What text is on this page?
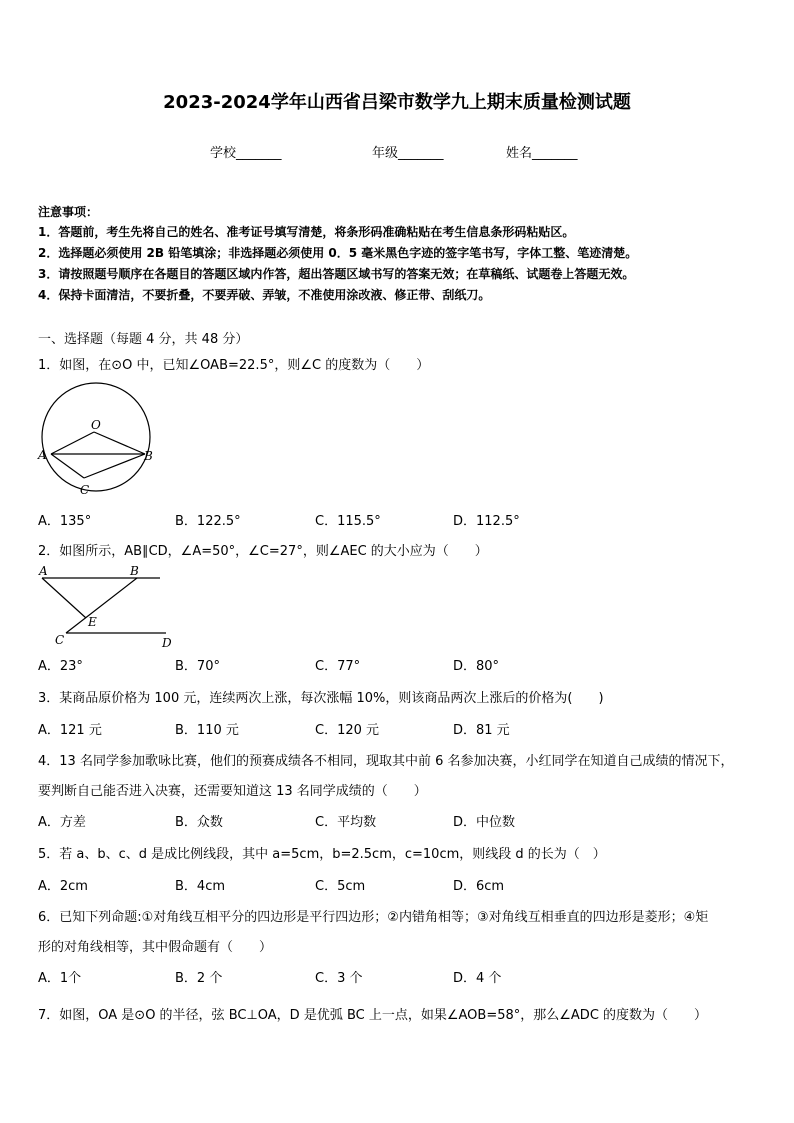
2023-2024学年山西省吕梁市数学九上期末质量检测试题
学校_______	年级_______	姓名_______
注意事项：
1．答题前，考生先将自己的姓名、准考证号填写清楚，将条形码准确粘贴在考生信息条形码粘贴区。
2．选择题必须使用 2B 铅笔填涂；非选择题必须使用 0．5 毫米黑色字迹的签字笔书写，字体工整、笔迹清楚。
3．请按照题号顺序在各题目的答题区域内作答，超出答题区域书写的答案无效；在草稿纸、试题卷上答题无效。
4．保持卡面清洁，不要折叠，不要弄破、弄皱，不准使用涂改液、修正带、刮纸刀。
一、选择题（每题 4 分，共 48 分）
1．如图，在⊙O 中，已知∠OAB=22.5°，则∠C 的度数为（　　）
O
A	B
C
A．135°	B．122.5°	C．115.5°	D．112.5°
2．如图所示，AB∥CD，∠A=50°，∠C=27°，则∠AEC 的大小应为（　　）
A	B
E
C	D
A．23°	B．70°	C．77°	D．80°
3．某商品原价格为 100 元，连续两次上涨，每次涨幅 10%，则该商品两次上涨后的价格为(　　)
A．121 元	B．110 元	C．120 元	D．81 元
4．13 名同学参加歌咏比赛，他们的预赛成绩各不相同，现取其中前 6 名参加决赛，小红同学在知道自己成绩的情况下，
要判断自己能否进入决赛，还需要知道这 13 名同学成绩的（　　）
A．方差	B．众数	C．平均数	D．中位数
5．若 a、b、c、d 是成比例线段，其中 a=5cm，b=2.5cm，c=10cm，则线段 d 的长为（　）
A．2cm	B．4cm	C．5cm	D．6cm
6．已知下列命题:①对角线互相平分的四边形是平行四边形；②内错角相等；③对角线互相垂直的四边形是菱形；④矩
形的对角线相等，其中假命题有（　　）
A．1个	B．2 个	C．3 个	D．4 个
7．如图，OA 是⊙O 的半径，弦 BC⊥OA，D 是优弧 BC 上一点，如果∠AOB=58°，那么∠ADC 的度数为（　　）
